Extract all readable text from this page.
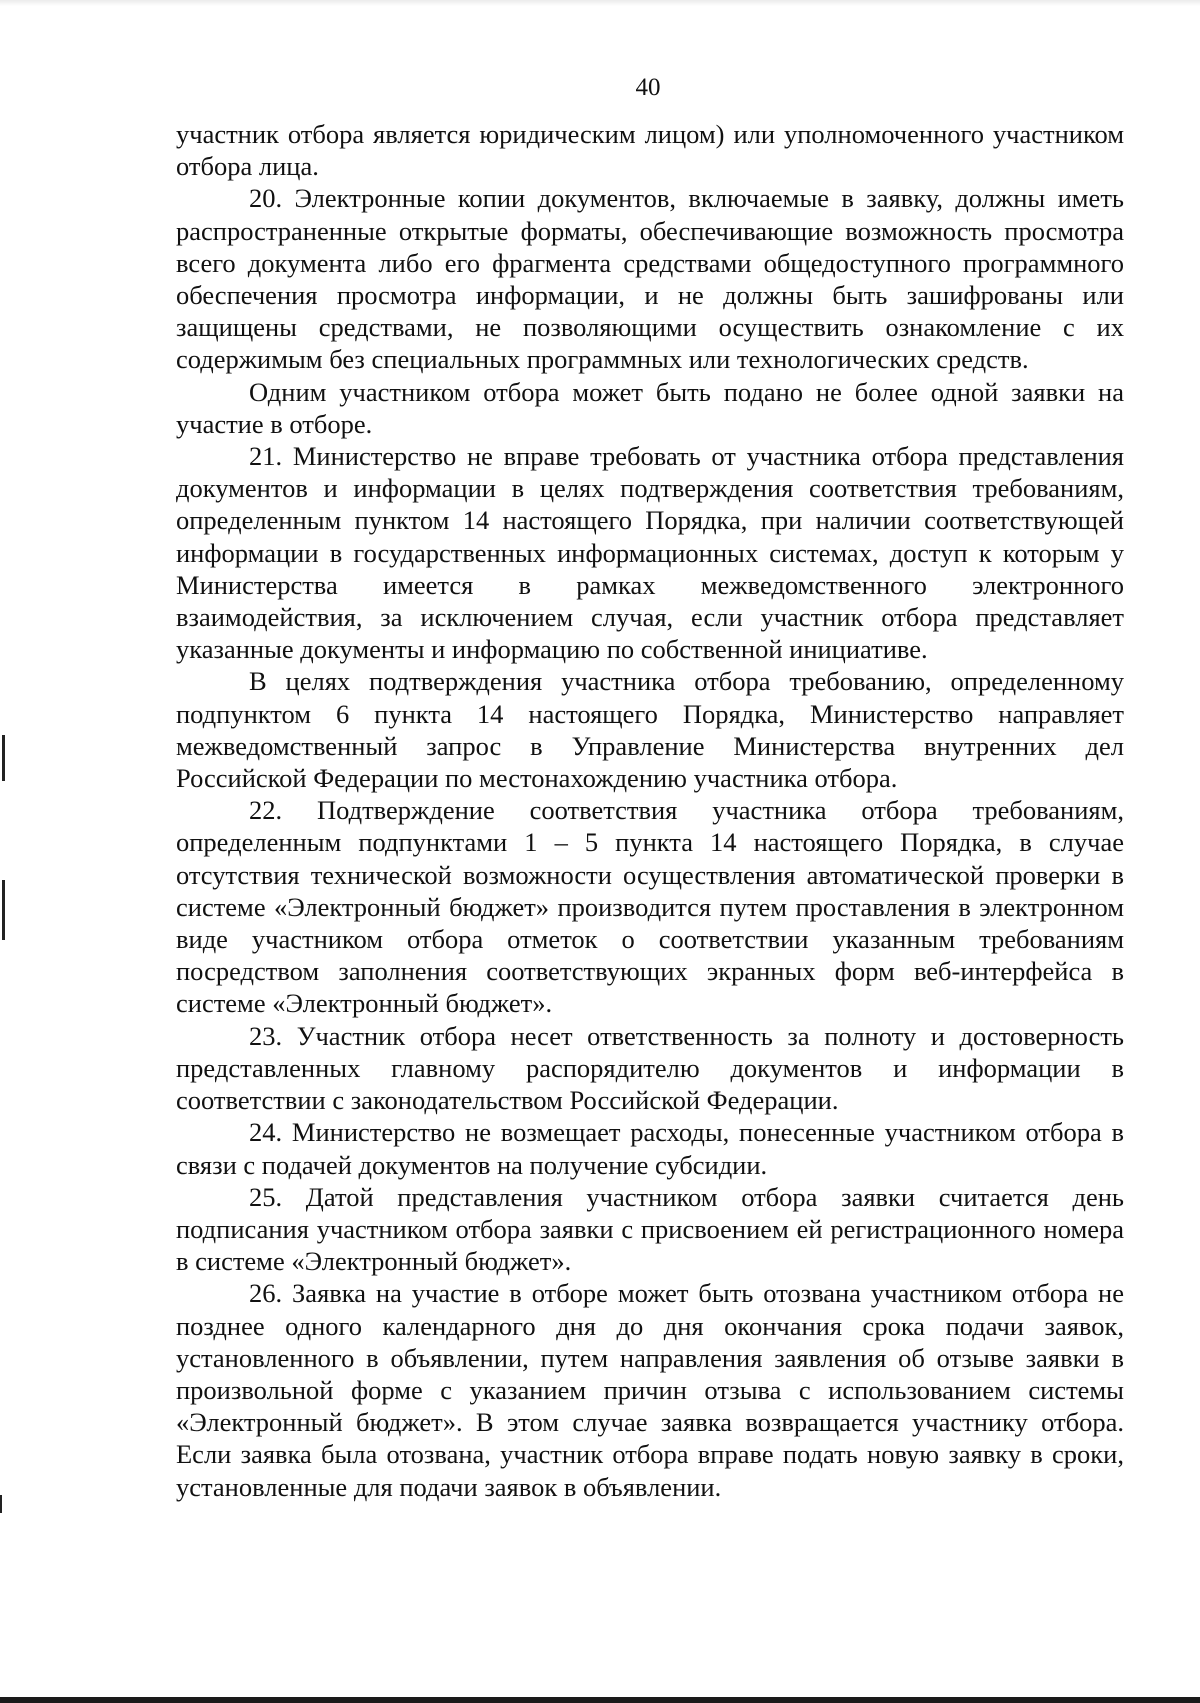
40

участник отбора является юридическим лицом) или уполномоченного участником отбора лица.

20. Электронные копии документов, включаемые в заявку, должны иметь распространенные открытые форматы, обеспечивающие возможность просмотра всего документа либо его фрагмента средствами общедоступного программного обеспечения просмотра информации, и не должны быть зашифрованы или защищены средствами, не позволяющими осуществить ознакомление с их содержимым без специальных программных или технологических средств.

Одним участником отбора может быть подано не более одной заявки на участие в отборе.

21. Министерство не вправе требовать от участника отбора представления документов и информации в целях подтверждения соответствия требованиям, определенным пунктом 14 настоящего Порядка, при наличии соответствующей информации в государственных информационных системах, доступ к которым у Министерства имеется в рамках межведомственного электронного взаимодействия, за исключением случая, если участник отбора представляет указанные документы и информацию по собственной инициативе.

В целях подтверждения участника отбора требованию, определенному подпунктом 6 пункта 14 настоящего Порядка, Министерство направляет межведомственный запрос в Управление Министерства внутренних дел Российской Федерации по местонахождению участника отбора.

22. Подтверждение соответствия участника отбора требованиям, определенным подпунктами 1 – 5 пункта 14 настоящего Порядка, в случае отсутствия технической возможности осуществления автоматической проверки в системе «Электронный бюджет» производится путем проставления в электронном виде участником отбора отметок о соответствии указанным требованиям посредством заполнения соответствующих экранных форм веб-интерфейса в системе «Электронный бюджет».

23. Участник отбора несет ответственность за полноту и достоверность представленных главному распорядителю документов и информации в соответствии с законодательством Российской Федерации.

24. Министерство не возмещает расходы, понесенные участником отбора в связи с подачей документов на получение субсидии.

25. Датой представления участником отбора заявки считается день подписания участником отбора заявки с присвоением ей регистрационного номера в системе «Электронный бюджет».

26. Заявка на участие в отборе может быть отозвана участником отбора не позднее одного календарного дня до дня окончания срока подачи заявок, установленного в объявлении, путем направления заявления об отзыве заявки в произвольной форме с указанием причин отзыва с использованием системы «Электронный бюджет». В этом случае заявка возвращается участнику отбора. Если заявка была отозвана, участник отбора вправе подать новую заявку в сроки, установленные для подачи заявок в объявлении.
